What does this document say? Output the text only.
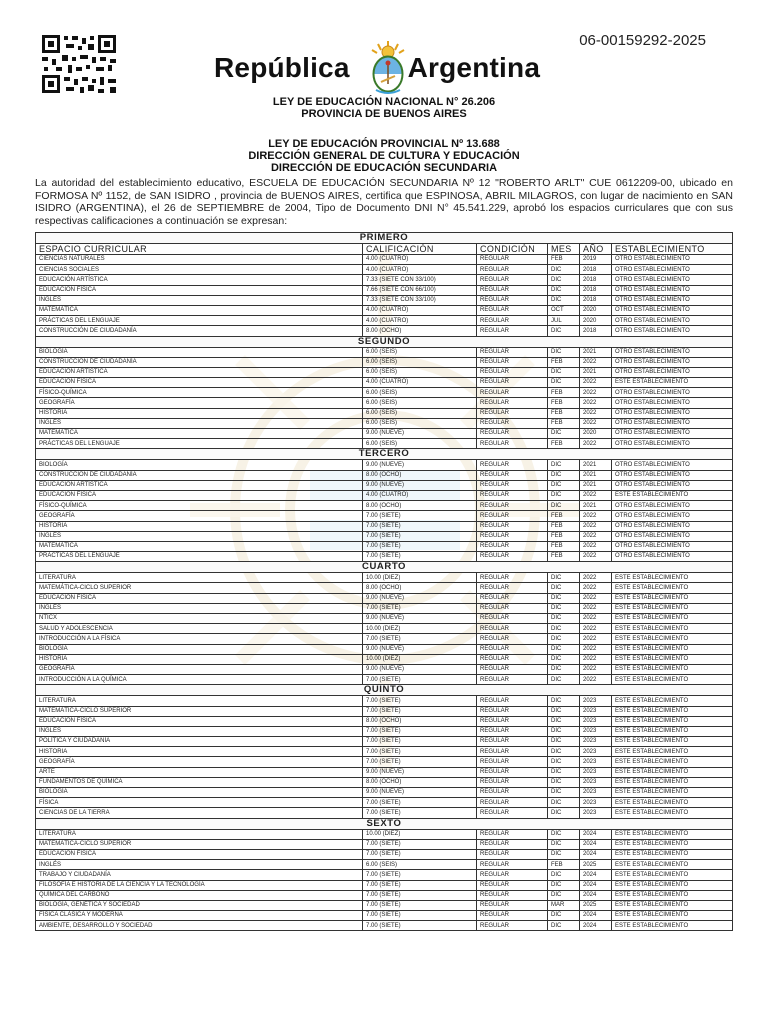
06-00159292-2025
República Argentina
LEY DE EDUCACIÓN NACIONAL N° 26.206
PROVINCIA DE BUENOS AIRES
LEY DE EDUCACIÓN PROVINCIAL Nº 13.688
DIRECCIÓN GENERAL DE CULTURA Y EDUCACIÓN
DIRECCIÓN DE EDUCACIÓN SECUNDARIA
La autoridad del establecimiento educativo, ESCUELA DE EDUCACIÓN SECUNDARIA Nº 12 "ROBERTO ARLT" CUE 0612209-00, ubicado en FORMOSA Nº 1152, de SAN ISIDRO , provincia de BUENOS AIRES, certifica que ESPINOSA, ABRIL MILAGROS, con lugar de nacimiento en SAN ISIDRO (ARGENTINA), el 26 de SEPTIEMBRE de 2004, Tipo de Documento DNI N° 45.541.229, aprobó los espacios curriculares que con sus respectivas calificaciones a continuación se expresan:
PRIMERO					
ESPACIO CURRICULAR	CALIFICACIÓN	CONDICIÓN	MES	AÑO	ESTABLECIMIENTO
CIENCIAS NATURALES	4.00 (CUATRO)	REGULAR	FEB	2019	OTRO ESTABLECIMIENTO
CIENCIAS SOCIALES	4.00 (CUATRO)	REGULAR	DIC	2018	OTRO ESTABLECIMIENTO
EDUCACIÓN ARTÍSTICA	7.33 (SIETE CON 33/100)	REGULAR	DIC	2018	OTRO ESTABLECIMIENTO
EDUCACIÓN FÍSICA	7.66 (SIETE CON 66/100)	REGULAR	DIC	2018	OTRO ESTABLECIMIENTO
INGLÉS	7.33 (SIETE CON 33/100)	REGULAR	DIC	2018	OTRO ESTABLECIMIENTO
MATEMÁTICA	4.00 (CUATRO)	REGULAR	OCT	2020	OTRO ESTABLECIMIENTO
PRÁCTICAS DEL LENGUAJE	4.00 (CUATRO)	REGULAR	JUL	2020	OTRO ESTABLECIMIENTO
CONSTRUCCIÓN DE CIUDADANÍA	8.00 (OCHO)	REGULAR	DIC	2018	OTRO ESTABLECIMIENTO
SEGUNDO					
BIOLOGÍA	6.00 (SEIS)	REGULAR	DIC	2021	OTRO ESTABLECIMIENTO
CONSTRUCCIÓN DE CIUDADANÍA	6.00 (SEIS)	REGULAR	FEB	2022	OTRO ESTABLECIMIENTO
EDUCACIÓN ARTÍSTICA	6.00 (SEIS)	REGULAR	DIC	2021	OTRO ESTABLECIMIENTO
EDUCACIÓN FÍSICA	4.00 (CUATRO)	REGULAR	DIC	2022	ESTE ESTABLECIMIENTO
FÍSICO-QUÍMICA	6.00 (SEIS)	REGULAR	FEB	2022	OTRO ESTABLECIMIENTO
GEOGRAFÍA	6.00 (SEIS)	REGULAR	FEB	2022	OTRO ESTABLECIMIENTO
HISTORIA	6.00 (SEIS)	REGULAR	FEB	2022	OTRO ESTABLECIMIENTO
INGLÉS	6.00 (SEIS)	REGULAR	FEB	2022	OTRO ESTABLECIMIENTO
MATEMÁTICA	9.00 (NUEVE)	REGULAR	DIC	2020	OTRO ESTABLECIMIENTO
PRÁCTICAS DEL LENGUAJE	6.00 (SEIS)	REGULAR	FEB	2022	OTRO ESTABLECIMIENTO
TERCERO					
BIOLOGÍA	9.00 (NUEVE)	REGULAR	DIC	2021	OTRO ESTABLECIMIENTO
CONSTRUCCIÓN DE CIUDADANÍA	8.00 (OCHO)	REGULAR	DIC	2021	OTRO ESTABLECIMIENTO
EDUCACIÓN ARTÍSTICA	9.00 (NUEVE)	REGULAR	DIC	2021	OTRO ESTABLECIMIENTO
EDUCACIÓN FÍSICA	4.00 (CUATRO)	REGULAR	DIC	2022	ESTE ESTABLECIMIENTO
FÍSICO-QUÍMICA	8.00 (OCHO)	REGULAR	DIC	2021	OTRO ESTABLECIMIENTO
GEOGRAFÍA	7.00 (SIETE)	REGULAR	FEB	2022	OTRO ESTABLECIMIENTO
HISTORIA	7.00 (SIETE)	REGULAR	FEB	2022	OTRO ESTABLECIMIENTO
INGLÉS	7.00 (SIETE)	REGULAR	FEB	2022	OTRO ESTABLECIMIENTO
MATEMÁTICA	7.00 (SIETE)	REGULAR	FEB	2022	OTRO ESTABLECIMIENTO
PRÁCTICAS DEL LENGUAJE	7.00 (SIETE)	REGULAR	FEB	2022	OTRO ESTABLECIMIENTO
CUARTO					
LITERATURA	10.00 (DIEZ)	REGULAR	DIC	2022	ESTE ESTABLECIMIENTO
MATEMÁTICA-CICLO SUPERIOR	8.00 (OCHO)	REGULAR	DIC	2022	ESTE ESTABLECIMIENTO
EDUCACIÓN FÍSICA	9.00 (NUEVE)	REGULAR	DIC	2022	ESTE ESTABLECIMIENTO
INGLÉS	7.00 (SIETE)	REGULAR	DIC	2022	ESTE ESTABLECIMIENTO
NTICX	9.00 (NUEVE)	REGULAR	DIC	2022	ESTE ESTABLECIMIENTO
SALUD Y ADOLESCENCIA	10.00 (DIEZ)	REGULAR	DIC	2022	ESTE ESTABLECIMIENTO
INTRODUCCIÓN A LA FÍSICA	7.00 (SIETE)	REGULAR	DIC	2022	ESTE ESTABLECIMIENTO
BIOLOGÍA	9.00 (NUEVE)	REGULAR	DIC	2022	ESTE ESTABLECIMIENTO
HISTORIA	10.00 (DIEZ)	REGULAR	DIC	2022	ESTE ESTABLECIMIENTO
GEOGRAFÍA	9.00 (NUEVE)	REGULAR	DIC	2022	ESTE ESTABLECIMIENTO
INTRODUCCIÓN A LA QUÍMICA	7.00 (SIETE)	REGULAR	DIC	2022	ESTE ESTABLECIMIENTO
QUINTO					
LITERATURA	7.00 (SIETE)	REGULAR	DIC	2023	ESTE ESTABLECIMIENTO
MATEMÁTICA-CICLO SUPERIOR	7.00 (SIETE)	REGULAR	DIC	2023	ESTE ESTABLECIMIENTO
EDUCACIÓN FÍSICA	8.00 (OCHO)	REGULAR	DIC	2023	ESTE ESTABLECIMIENTO
INGLÉS	7.00 (SIETE)	REGULAR	DIC	2023	ESTE ESTABLECIMIENTO
POLÍTICA Y CIUDADANÍA	7.00 (SIETE)	REGULAR	DIC	2023	ESTE ESTABLECIMIENTO
HISTORIA	7.00 (SIETE)	REGULAR	DIC	2023	ESTE ESTABLECIMIENTO
GEOGRAFÍA	7.00 (SIETE)	REGULAR	DIC	2023	ESTE ESTABLECIMIENTO
ARTE	9.00 (NUEVE)	REGULAR	DIC	2023	ESTE ESTABLECIMIENTO
FUNDAMENTOS DE QUÍMICA	8.00 (OCHO)	REGULAR	DIC	2023	ESTE ESTABLECIMIENTO
BIOLOGÍA	9.00 (NUEVE)	REGULAR	DIC	2023	ESTE ESTABLECIMIENTO
FÍSICA	7.00 (SIETE)	REGULAR	DIC	2023	ESTE ESTABLECIMIENTO
CIENCIAS DE LA TIERRA	7.00 (SIETE)	REGULAR	DIC	2023	ESTE ESTABLECIMIENTO
SEXTO					
LITERATURA	10.00 (DIEZ)	REGULAR	DIC	2024	ESTE ESTABLECIMIENTO
MATEMÁTICA-CICLO SUPERIOR	7.00 (SIETE)	REGULAR	DIC	2024	ESTE ESTABLECIMIENTO
EDUCACIÓN FÍSICA	7.00 (SIETE)	REGULAR	DIC	2024	ESTE ESTABLECIMIENTO
INGLÉS	6.00 (SEIS)	REGULAR	FEB	2025	ESTE ESTABLECIMIENTO
TRABAJO Y CIUDADANÍA	7.00 (SIETE)	REGULAR	DIC	2024	ESTE ESTABLECIMIENTO
FILOSOFÍA E HISTORIA DE LA CIENCIA Y LA TECNOLOGÍA	7.00 (SIETE)	REGULAR	DIC	2024	ESTE ESTABLECIMIENTO
QUÍMICA DEL CARBONO	7.00 (SIETE)	REGULAR	DIC	2024	ESTE ESTABLECIMIENTO
BIOLOGÍA, GENÉTICA Y SOCIEDAD	7.00 (SIETE)	REGULAR	MAR	2025	ESTE ESTABLECIMIENTO
FÍSICA CLÁSICA Y MODERNA	7.00 (SIETE)	REGULAR	DIC	2024	ESTE ESTABLECIMIENTO
AMBIENTE, DESARROLLO Y SOCIEDAD	7.00 (SIETE)	REGULAR	DIC	2024	ESTE ESTABLECIMIENTO
